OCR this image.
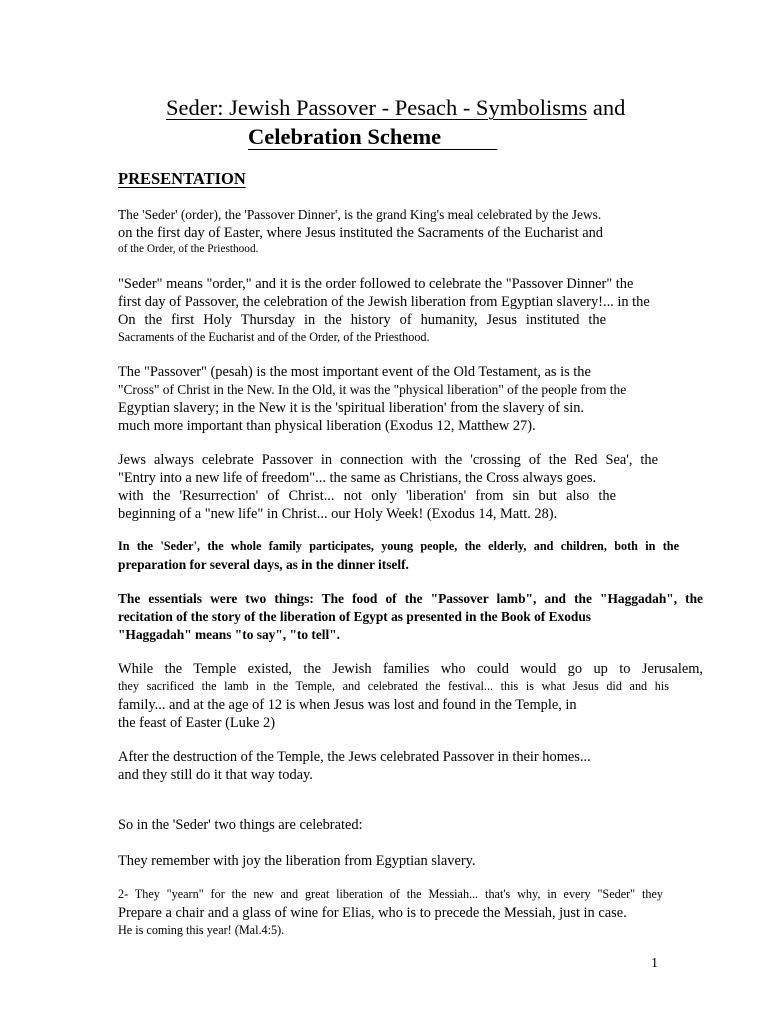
Seder: Jewish Passover - Pesach - Symbolisms and
Celebration Scheme
PRESENTATION
The 'Seder' (order), the 'Passover Dinner', is the grand King's meal celebrated by the Jews.
on the first day of Easter, where Jesus instituted the Sacraments of the Eucharist and
of the Order, of the Priesthood.
"Seder" means "order," and it is the order followed to celebrate the "Passover Dinner" the
first day of Passover, the celebration of the Jewish liberation from Egyptian slavery!... in the
On the first Holy Thursday in the history of humanity, Jesus instituted the
Sacraments of the Eucharist and of the Order, of the Priesthood.
The "Passover" (pesah) is the most important event of the Old Testament, as is the
"Cross" of Christ in the New. In the Old, it was the "physical liberation" of the people from the
Egyptian slavery; in the New it is the 'spiritual liberation' from the slavery of sin.
much more important than physical liberation (Exodus 12, Matthew 27).
Jews always celebrate Passover in connection with the 'crossing of the Red Sea', the
"Entry into a new life of freedom"... the same as Christians, the Cross always goes.
with the 'Resurrection' of Christ... not only 'liberation' from sin but also the
beginning of a "new life" in Christ... our Holy Week! (Exodus 14, Matt. 28).
In the 'Seder', the whole family participates, young people, the elderly, and children, both in the
preparation for several days, as in the dinner itself.
The essentials were two things: The food of the "Passover lamb", and the "Haggadah", the
recitation of the story of the liberation of Egypt as presented in the Book of Exodus
"Haggadah" means "to say", "to tell".
While the Temple existed, the Jewish families who could would go up to Jerusalem,
they sacrificed the lamb in the Temple, and celebrated the festival... this is what Jesus did and his
family... and at the age of 12 is when Jesus was lost and found in the Temple, in
the feast of Easter (Luke 2)
After the destruction of the Temple, the Jews celebrated Passover in their homes...
and they still do it that way today.
So in the 'Seder' two things are celebrated:
They remember with joy the liberation from Egyptian slavery.
2- They "yearn" for the new and great liberation of the Messiah... that's why, in every "Seder" they
Prepare a chair and a glass of wine for Elias, who is to precede the Messiah, just in case.
He is coming this year! (Mal.4:5).
1
